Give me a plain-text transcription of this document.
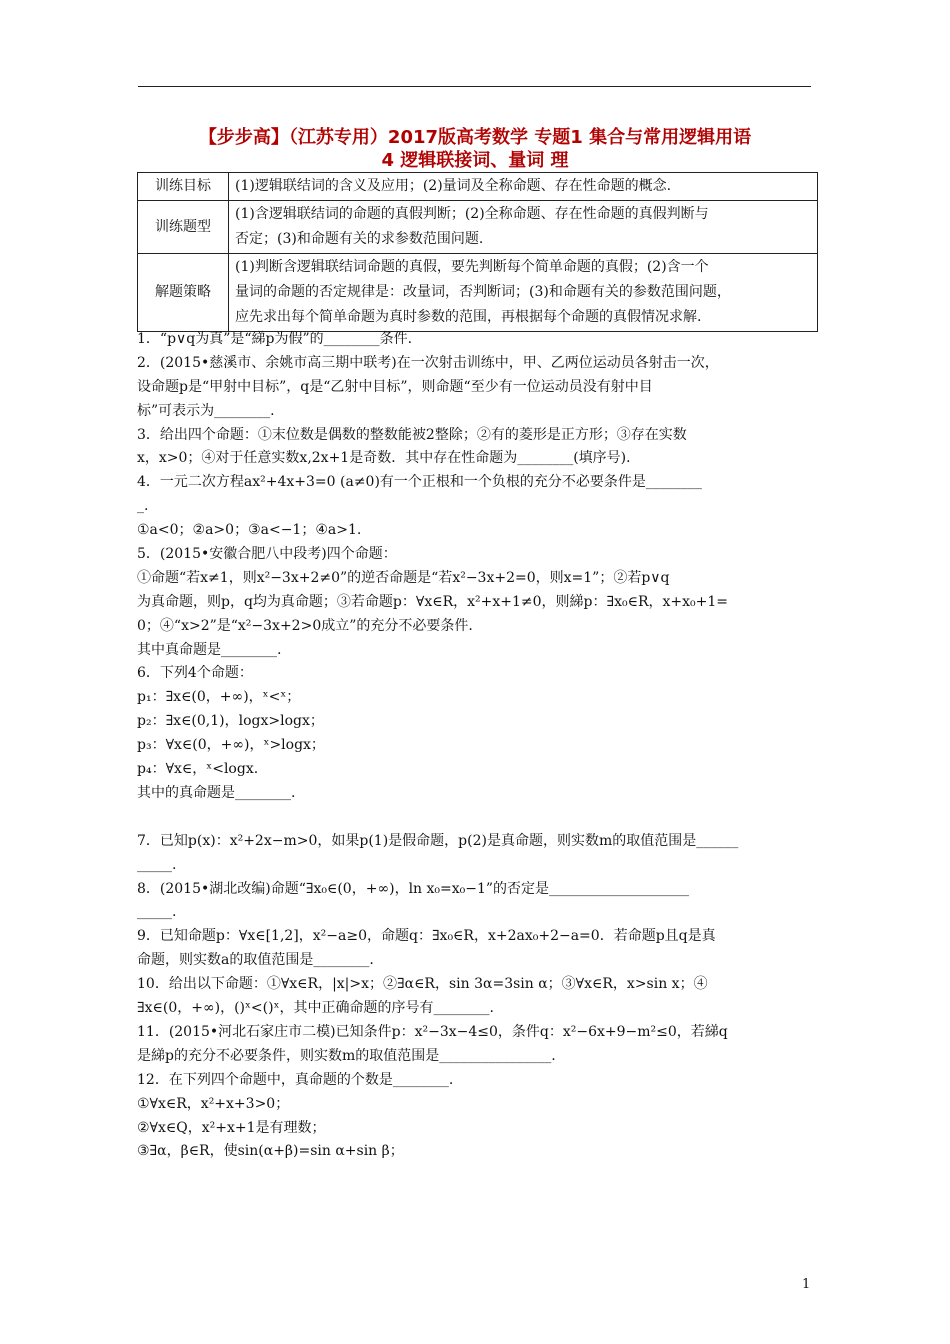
【步步高】（江苏专用）2017版高考数学 专题1 集合与常用逻辑用语
4 逻辑联接词、量词 理
训练目标	(1)逻辑联结词的含义及应用；(2)量词及全称命题、存在性命题的概念.

训练题型	(1)含逻辑联结词的命题的真假判断；(2)全称命题、存在性命题的真假判断与
否定；(3)和命题有关的求参数范围问题.

解题策略	(1)判断含逻辑联结词命题的真假，要先判断每个简单命题的真假；(2)含一个
量词的命题的否定规律是：改量词，否判断词；(3)和命题有关的参数范围问题，
应先求出每个简单命题为真时参数的范围，再根据每个命题的真假情况求解.
1．“p∨q为真”是“綈p为假”的________条件.
2．(2015•慈溪市、余姚市高三期中联考)在一次射击训练中，甲、乙两位运动员各射击一次，
设命题p是“甲射中目标”，q是“乙射中目标”，则命题“至少有一位运动员没有射中目
标”可表示为________.
3．给出四个命题：①末位数是偶数的整数能被2整除；②有的菱形是正方形；③存在实数
x，x>0；④对于任意实数x,2x+1是奇数．其中存在性命题为________(填序号)．
4．一元二次方程ax²+4x+3=0 (a≠0)有一个正根和一个负根的充分不必要条件是________
_.
①a<0；②a>0；③a<−1；④a>1.
5．(2015•安徽合肥八中段考)四个命题：
①命题“若x≠1，则x²−3x+2≠0”的逆否命题是“若x²−3x+2=0，则x=1”；②若p∨q
为真命题，则p，q均为真命题；③若命题p：∀x∈R，x²+x+1≠0，则綈p：∃x₀∈R，x+x₀+1=
0；④“x>2”是“x²−3x+2>0成立”的充分不必要条件.
其中真命题是________.
6．下列4个命题：
p₁：∃x∈(0，+∞)，ˣ<ˣ；
p₂：∃x∈(0,1)，logx>logx；
p₃：∀x∈(0，+∞)，ˣ>logx；
p₄：∀x∈，ˣ<logx.
其中的真命题是________.
7．已知p(x)：x²+2x−m>0，如果p(1)是假命题，p(2)是真命题，则实数m的取值范围是______
_____.
8．(2015•湖北改编)命题“∃x₀∈(0，+∞)，ln x₀=x₀−1”的否定是____________________
_____.
9．已知命题p：∀x∈[1,2]，x²−a≥0，命题q：∃x₀∈R，x+2ax₀+2−a=0．若命题p且q是真
命题，则实数a的取值范围是________.
10．给出以下命题：①∀x∈R，|x|>x；②∃α∈R，sin 3α=3sin α；③∀x∈R，x>sin x；④
∃x∈(0，+∞)，()ˣ<()ˣ，其中正确命题的序号有________.
11．(2015•河北石家庄市二模)已知条件p：x²−3x−4≤0，条件q：x²−6x+9−m²≤0，若綈q
是綈p的充分不必要条件，则实数m的取值范围是________________.
12．在下列四个命题中，真命题的个数是________.
①∀x∈R，x²+x+3>0；
②∀x∈Q，x²+x+1是有理数；
③∃α，β∈R，使sin(α+β)=sin α+sin β；
1
